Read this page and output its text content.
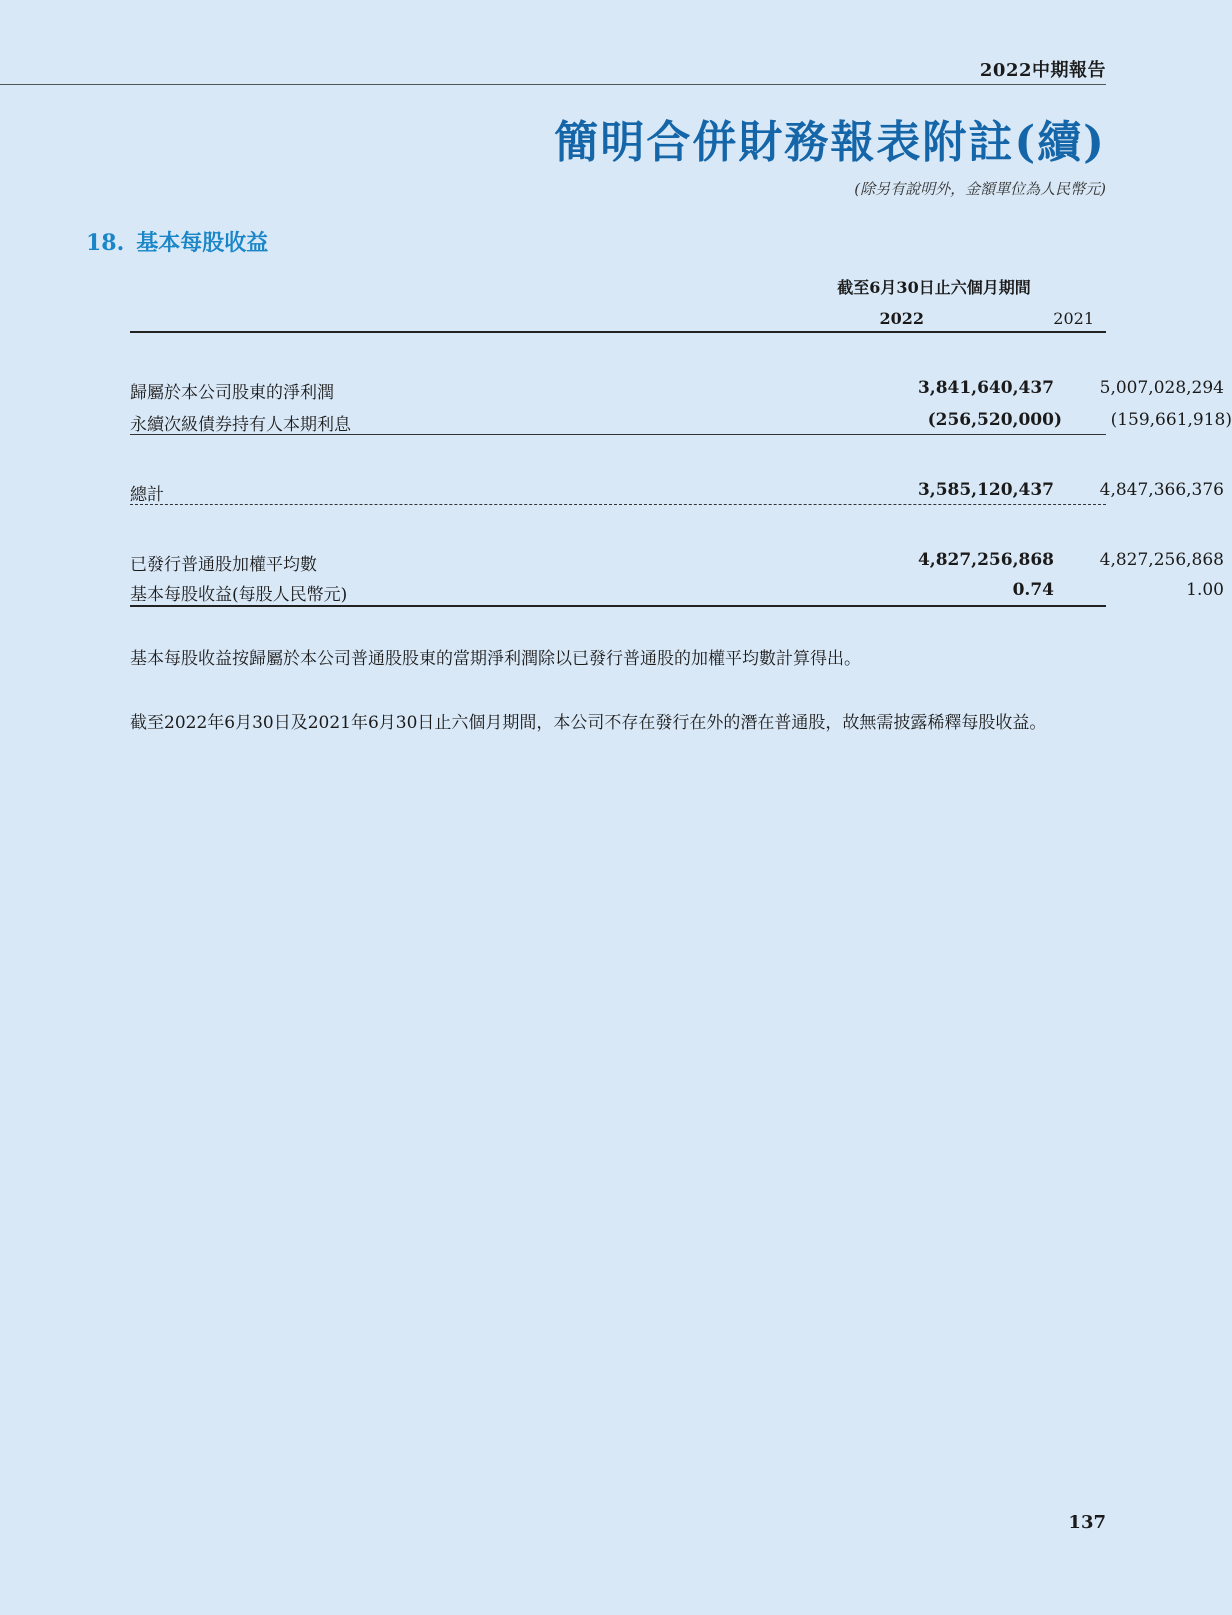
2022中期報告
簡明合併財務報表附註(續)
(除另有說明外，金額單位為人民幣元)
18. 基本每股收益
截至6月30日止六個月期間
2022	2021
歸屬於本公司股東的淨利潤	3,841,640,437	5,007,028,294
永續次級債券持有人本期利息	(256,520,000)	(159,661,918)
總計	3,585,120,437	4,847,366,376
已發行普通股加權平均數	4,827,256,868	4,827,256,868
基本每股收益(每股人民幣元)	0.74	1.00
基本每股收益按歸屬於本公司普通股股東的當期淨利潤除以已發行普通股的加權平均數計算得出。
截至2022年6月30日及2021年6月30日止六個月期間，本公司不存在發行在外的潛在普通股，故無需披露稀釋每股收益。
137
